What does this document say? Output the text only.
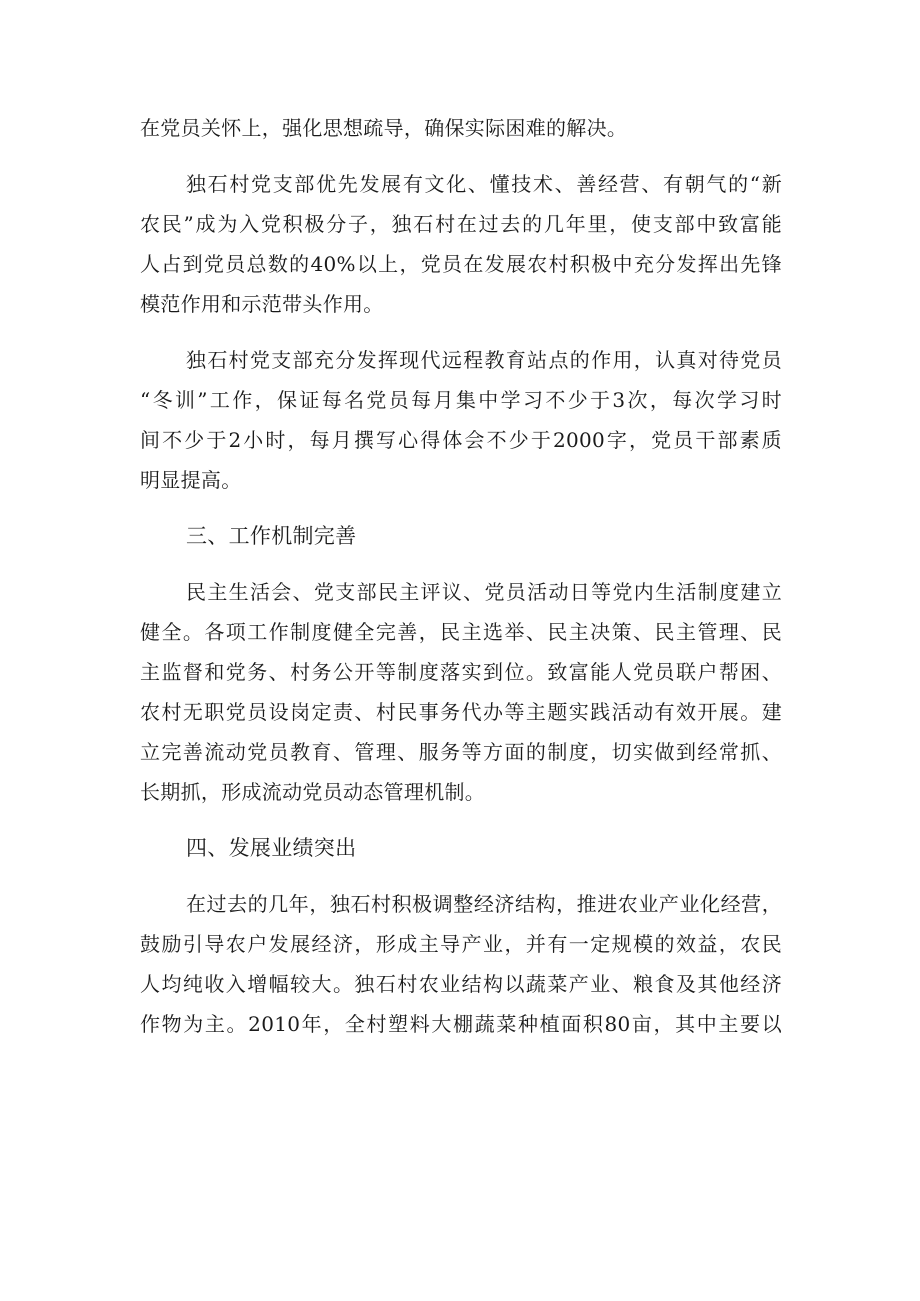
在党员关怀上，强化思想疏导，确保实际困难的解决。
独石村党支部优先发展有文化、懂技术、善经营、有朝气的“新
农民”成为入党积极分子，独石村在过去的几年里，使支部中致富能
人占到党员总数的40%以上，党员在发展农村积极中充分发挥出先锋
模范作用和示范带头作用。
独石村党支部充分发挥现代远程教育站点的作用，认真对待党员
“冬训”工作，保证每名党员每月集中学习不少于3次，每次学习时
间不少于2小时，每月撰写心得体会不少于2000字，党员干部素质
明显提高。
三、工作机制完善
民主生活会、党支部民主评议、党员活动日等党内生活制度建立
健全。各项工作制度健全完善，民主选举、民主决策、民主管理、民
主监督和党务、村务公开等制度落实到位。致富能人党员联户帮困、
农村无职党员设岗定责、村民事务代办等主题实践活动有效开展。建
立完善流动党员教育、管理、服务等方面的制度，切实做到经常抓、
长期抓，形成流动党员动态管理机制。
四、发展业绩突出
在过去的几年，独石村积极调整经济结构，推进农业产业化经营，
鼓励引导农户发展经济，形成主导产业，并有一定规模的效益，农民
人均纯收入增幅较大。独石村农业结构以蔬菜产业、粮食及其他经济
作物为主。2010年，全村塑料大棚蔬菜种植面积80亩，其中主要以
